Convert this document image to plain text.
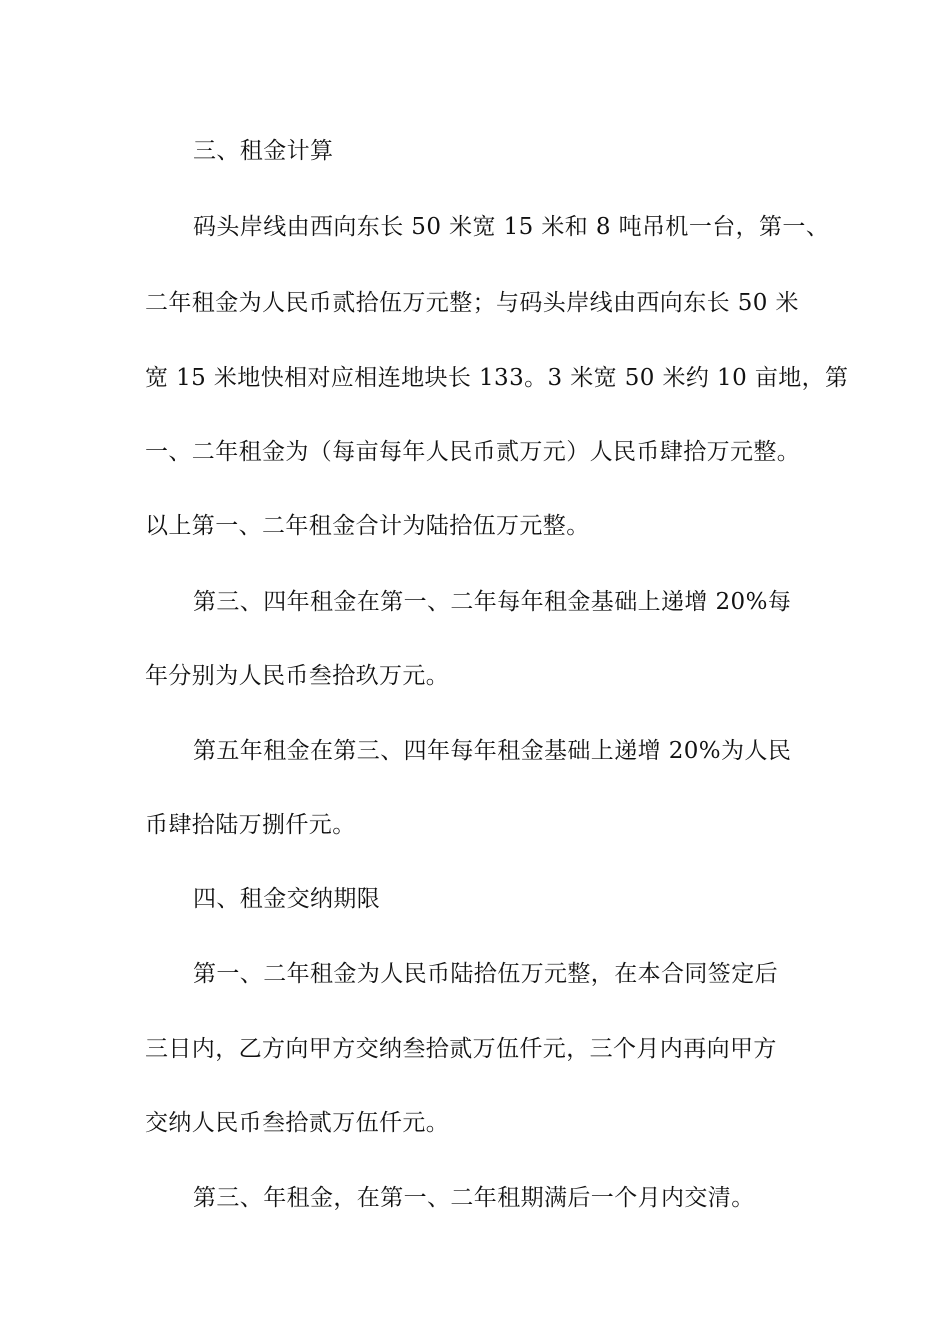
三、租金计算

码头岸线由西向东长 50 米宽 15 米和 8 吨吊机一台，第一、

二年租金为人民币贰拾伍万元整；与码头岸线由西向东长 50 米

宽 15 米地快相对应相连地块长 133。3 米宽 50 米约 10 亩地，第

一、二年租金为（每亩每年人民币贰万元）人民币肆拾万元整。

以上第一、二年租金合计为陆拾伍万元整。

第三、四年租金在第一、二年每年租金基础上递增 20%每

年分别为人民币叁拾玖万元。

第五年租金在第三、四年每年租金基础上递增 20%为人民

币肆拾陆万捌仟元。

四、租金交纳期限

第一、二年租金为人民币陆拾伍万元整，在本合同签定后

三日内，乙方向甲方交纳叁拾贰万伍仟元，三个月内再向甲方

交纳人民币叁拾贰万伍仟元。

第三、年租金，在第一、二年租期满后一个月内交清。
